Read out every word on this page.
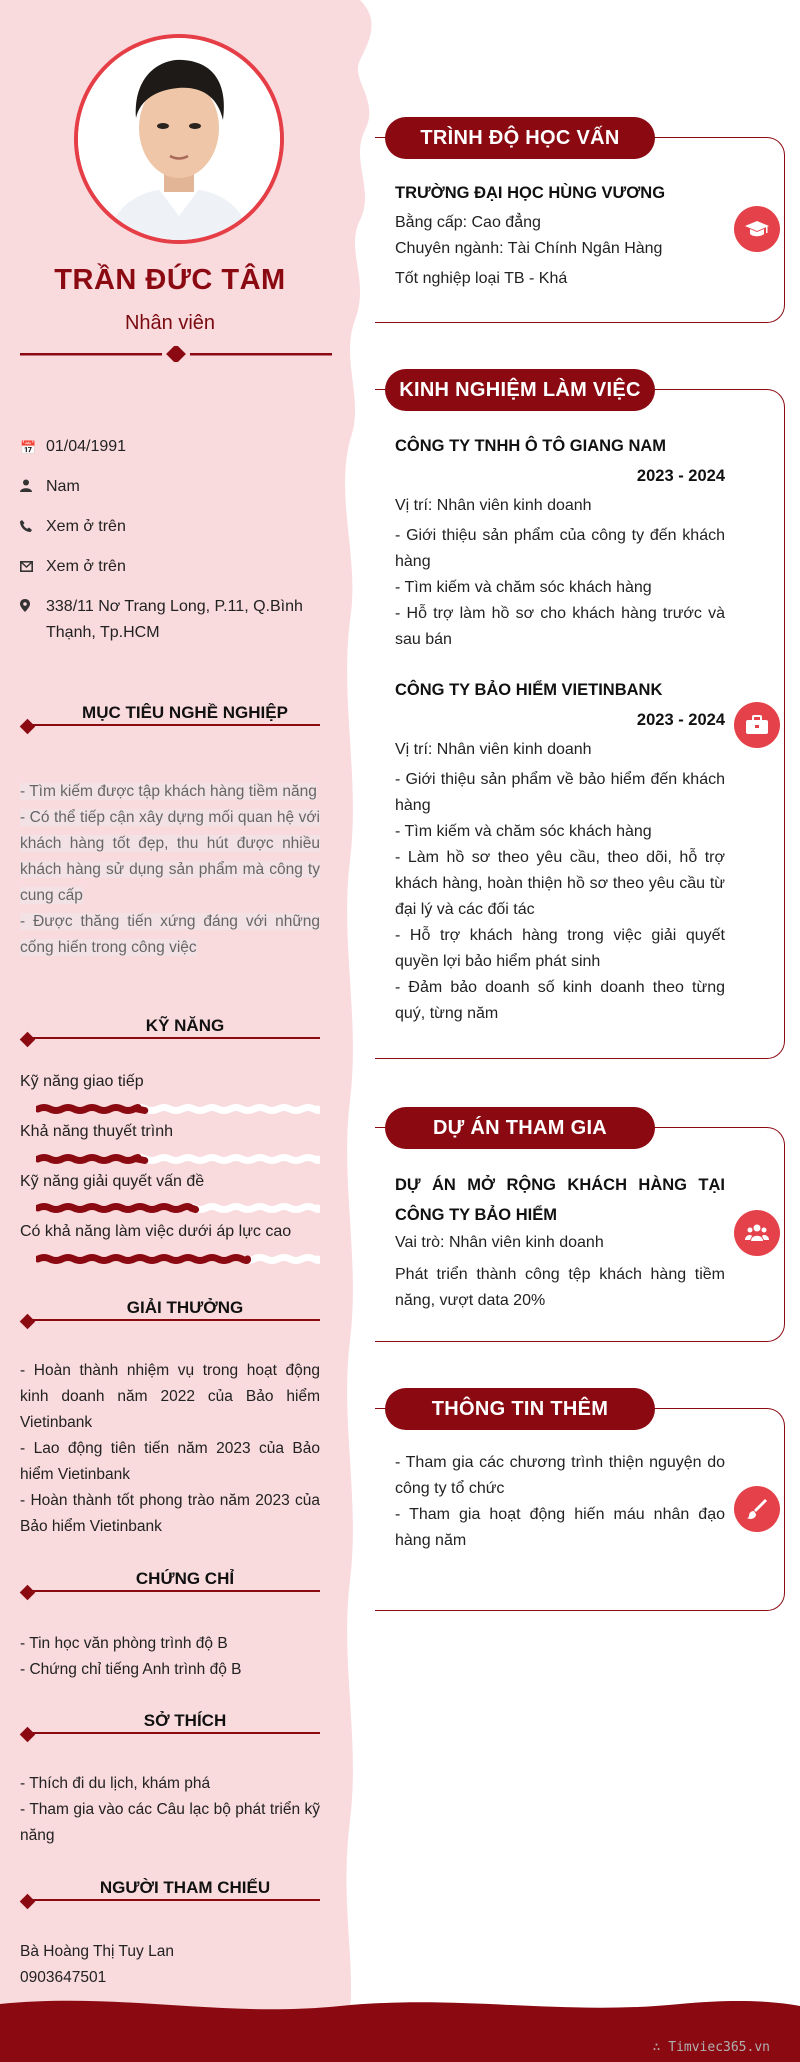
TRẦN ĐỨC TÂM
Nhân viên
📅 01/04/1991
Nam
Xem ở trên
Xem ở trên
338/11 Nơ Trang Long, P.11, Q.Bình Thạnh, Tp.HCM
MỤC TIÊU NGHỀ NGHIỆP
- Tìm kiếm được tập khách hàng tiềm năng
- Có thể tiếp cận xây dựng mối quan hệ với khách hàng tốt đẹp, thu hút được nhiều khách hàng sử dụng sản phẩm mà công ty cung cấp
- Được thăng tiến xứng đáng với những cống hiến trong công việc
KỸ NĂNG
Kỹ năng giao tiếp
Khả năng thuyết trình
Kỹ năng giải quyết vấn đề
Có khả năng làm việc dưới áp lực cao
GIẢI THƯỞNG
- Hoàn thành nhiệm vụ trong hoạt động kinh doanh năm 2022 của Bảo hiểm Vietinbank
- Lao động tiên tiến năm 2023 của Bảo hiểm Vietinbank
- Hoàn thành tốt phong trào năm 2023 của Bảo hiểm Vietinbank
CHỨNG CHỈ
- Tin học văn phòng trình độ B
- Chứng chỉ tiếng Anh trình độ B
SỞ THÍCH
- Thích đi du lịch, khám phá
- Tham gia vào các Câu lạc bộ phát triển kỹ năng
NGƯỜI THAM CHIẾU
Bà Hoàng Thị Tuy Lan
0903647501
TRÌNH ĐỘ HỌC VẤN
TRƯỜNG ĐẠI HỌC HÙNG VƯƠNG
Bằng cấp: Cao đẳng
Chuyên ngành: Tài Chính Ngân Hàng
Tốt nghiệp loại TB - Khá
KINH NGHIỆM LÀM VIỆC
CÔNG TY TNHH Ô TÔ GIANG NAM
2023 - 2024
Vị trí: Nhân viên kinh doanh
- Giới thiệu sản phẩm của công ty đến khách hàng
- Tìm kiếm và chăm sóc khách hàng
- Hỗ trợ làm hồ sơ cho khách hàng trước và sau bán
CÔNG TY BẢO HIỂM VIETINBANK
2023 - 2024
Vị trí: Nhân viên kinh doanh
- Giới thiệu sản phẩm về bảo hiểm đến khách hàng
- Tìm kiếm và chăm sóc khách hàng
- Làm hồ sơ theo yêu cầu, theo dõi, hỗ trợ khách hàng, hoàn thiện hồ sơ theo yêu cầu từ đại lý và các đối tác
- Hỗ trợ khách hàng trong việc giải quyết quyền lợi bảo hiểm phát sinh
- Đảm bảo doanh số kinh doanh theo từng quý, từng năm
DỰ ÁN THAM GIA
DỰ ÁN MỞ RỘNG KHÁCH HÀNG TẠI CÔNG TY BẢO HIỂM
Vai trò: Nhân viên kinh doanh
Phát triển thành công tệp khách hàng tiềm năng, vượt data 20%
THÔNG TIN THÊM
- Tham gia các chương trình thiện nguyện do công ty tổ chức
- Tham gia hoạt động hiến máu nhân đạo hàng năm
∴ Timviec365.vn
